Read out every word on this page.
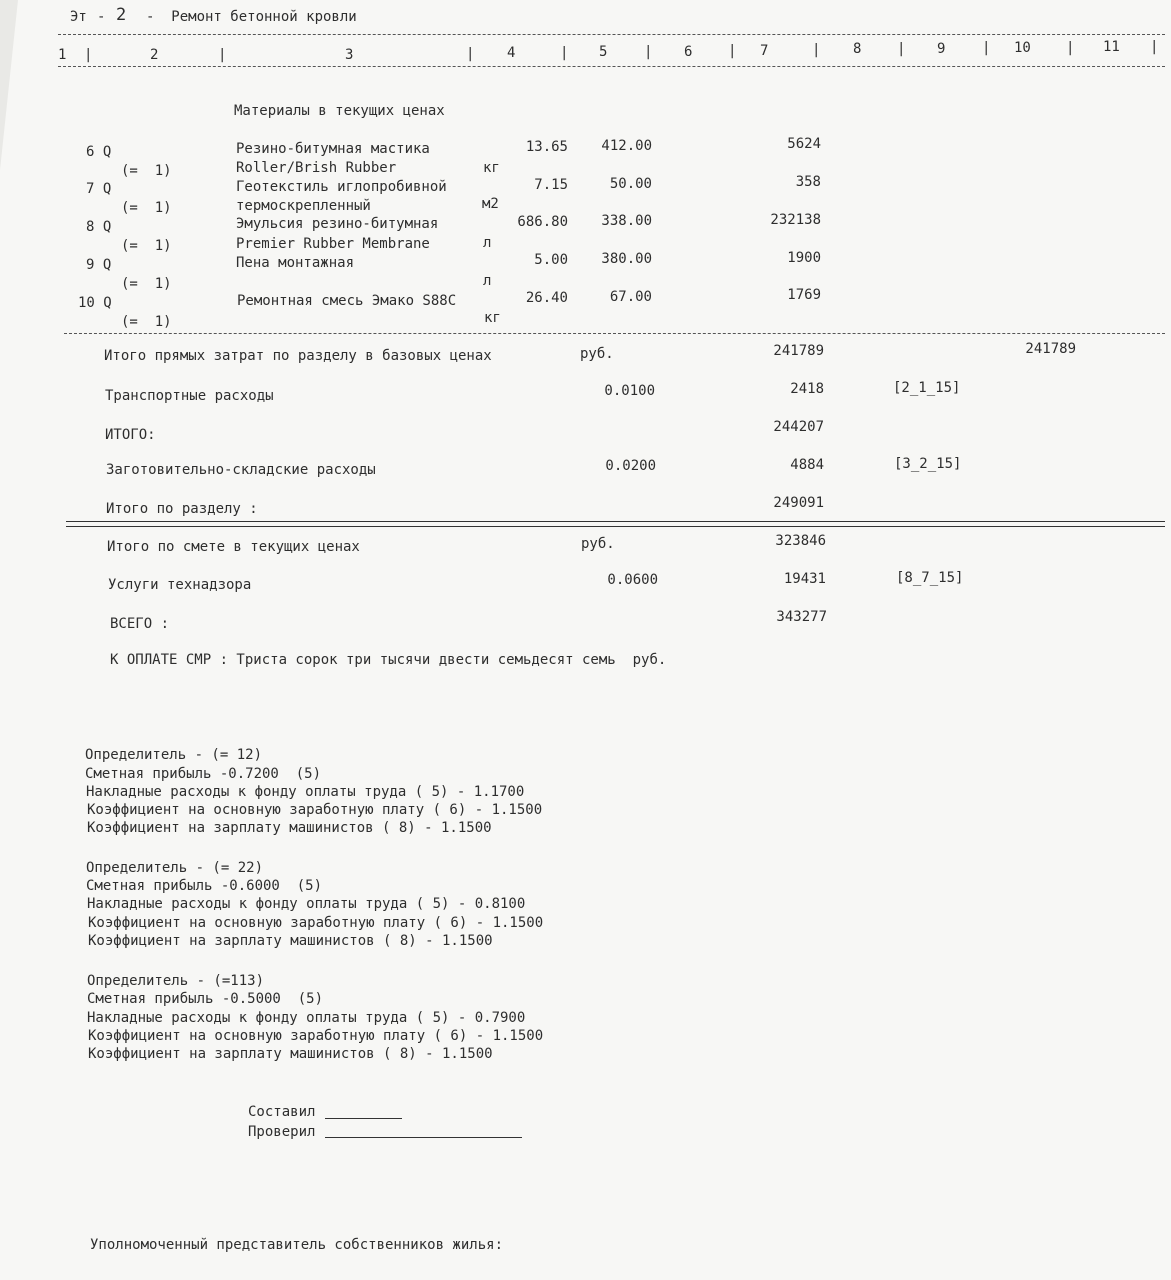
Эт - 2 -  Ремонт бетонной кровли
1	2	3	4	5	6	7	8	9	10	11
|	|	|	|	|	|	|	|	|	|	|
Материалы в текущих ценах
6 Q	Резино-битумная мастика	13.65	412.00	5624
(=  1)	Roller/Brish Rubber	кг
7 Q	Геотекстиль иглопробивной	7.15	50.00	358
(=  1)	термоскрепленный	м2
8 Q	Эмульсия резино-битумная	686.80	338.00	232138
(=  1)	Premier Rubber Membrane	л
9 Q	Пена монтажная	5.00	380.00	1900
(=  1)	л
10 Q	Ремонтная смесь Эмако S88C	26.40	67.00	1769
(=  1)	кг
Итого прямых затрат по разделу в базовых ценах	руб.	241789	241789
Транспортные расходы	0.0100	2418	[2_1_15]
ИТОГО:	244207
Заготовительно-складские расходы	0.0200	4884	[3_2_15]
Итого по разделу :	249091
Итого по смете в текущих ценах	руб.	323846
Услуги технадзора	0.0600	19431	[8_7_15]
ВСЕГО :	343277
К ОПЛАТЕ СМР : Триста сорок три тысячи двести семьдесят семь  руб.
Определитель - (= 12)
Сметная прибыль -0.7200  (5)
Накладные расходы к фонду оплаты труда ( 5) - 1.1700
Коэффициент на основную заработную плату ( 6) - 1.1500
Коэффициент на зарплату машинистов ( 8) - 1.1500
Определитель - (= 22)
Сметная прибыль -0.6000  (5)
Накладные расходы к фонду оплаты труда ( 5) - 0.8100
Коэффициент на основную заработную плату ( 6) - 1.1500
Коэффициент на зарплату машинистов ( 8) - 1.1500
Определитель - (=113)
Сметная прибыль -0.5000  (5)
Накладные расходы к фонду оплаты труда ( 5) - 0.7900
Коэффициент на основную заработную плату ( 6) - 1.1500
Коэффициент на зарплату машинистов ( 8) - 1.1500
Составил
Проверил
Уполномоченный представитель собственников жилья:
